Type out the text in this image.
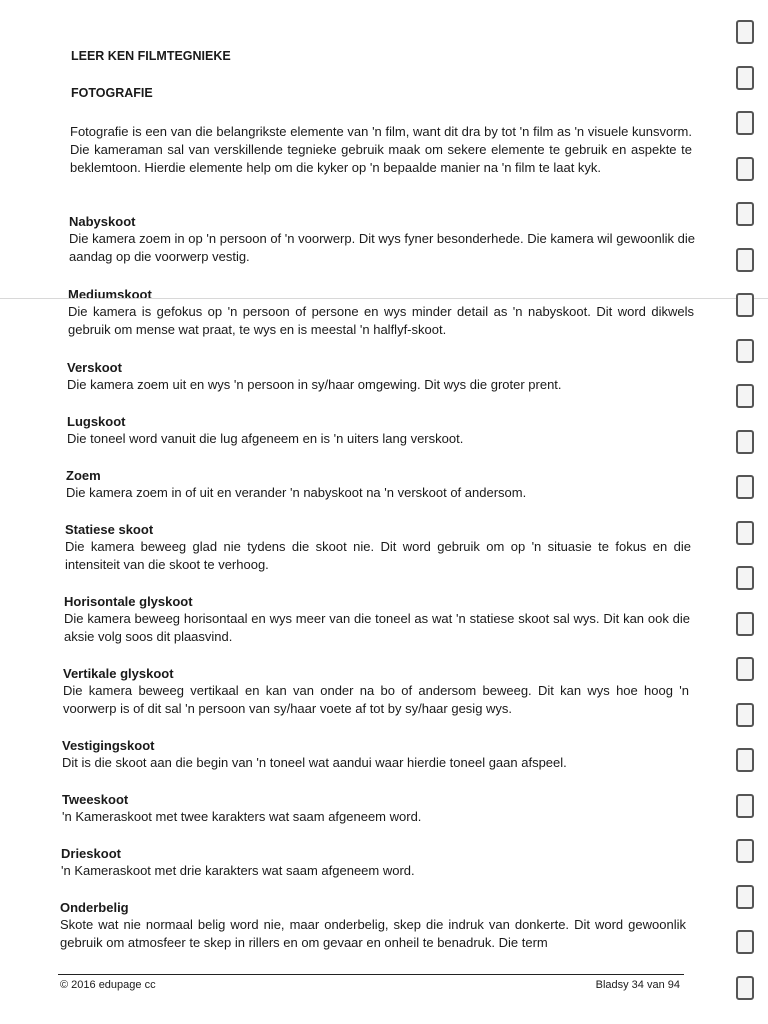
LEER KEN FILMTEGNIEKE
FOTOGRAFIE

Fotografie is een van die belangrikste elemente van 'n film, want dit dra by tot 'n film as 'n visuele kunsvorm. Die kameraman sal van verskillende tegnieke gebruik maak om sekere elemente te gebruik en aspekte te beklemtoon. Hierdie elemente help om die kyker op 'n bepaalde manier na 'n film te laat kyk.

Nabyskoot

Die kamera zoem in op 'n persoon of 'n voorwerp. Dit wys fyner besonderhede. Die kamera wil gewoonlik die aandag op die voorwerp vestig.

Mediumskoot

Die kamera is gefokus op 'n persoon of persone en wys minder detail as 'n nabyskoot. Dit word dikwels gebruik om mense wat praat, te wys en is meestal 'n halflyf-skoot.

Verskoot

Die kamera zoem uit en wys 'n persoon in sy/haar omgewing. Dit wys die groter prent.

Lugskoot

Die toneel word vanuit die lug afgeneem en is 'n uiters lang verskoot.

Zoem

Die kamera zoem in of uit en verander 'n nabyskoot na 'n verskoot of andersom.

Statiese skoot

Die kamera beweeg glad nie tydens die skoot nie. Dit word gebruik om op 'n situasie te fokus en die intensiteit van die skoot te verhoog.

Horisontale glyskoot

Die kamera beweeg horisontaal en wys meer van die toneel as wat 'n statiese skoot sal wys. Dit kan ook die aksie volg soos dit plaasvind.

Vertikale glyskoot

Die kamera beweeg vertikaal en kan van onder na bo of andersom beweeg. Dit kan wys hoe hoog 'n voorwerp is of dit sal 'n persoon van sy/haar voete af tot by sy/haar gesig wys.

Vestigingskoot

Dit is die skoot aan die begin van 'n toneel wat aandui waar hierdie toneel gaan afspeel.

Tweeskoot

'n Kameraskoot met twee karakters wat saam afgeneem word.

Drieskoot

'n Kameraskoot met drie karakters wat saam afgeneem word.

Onderbelig

Skote wat nie normaal belig word nie, maar onderbelig, skep die indruk van donkerte. Dit word gewoonlik gebruik om atmosfeer te skep in rillers en om gevaar en onheil te benadruk. Die term

© 2016 edupage cc	Bladsy 34 van 94
